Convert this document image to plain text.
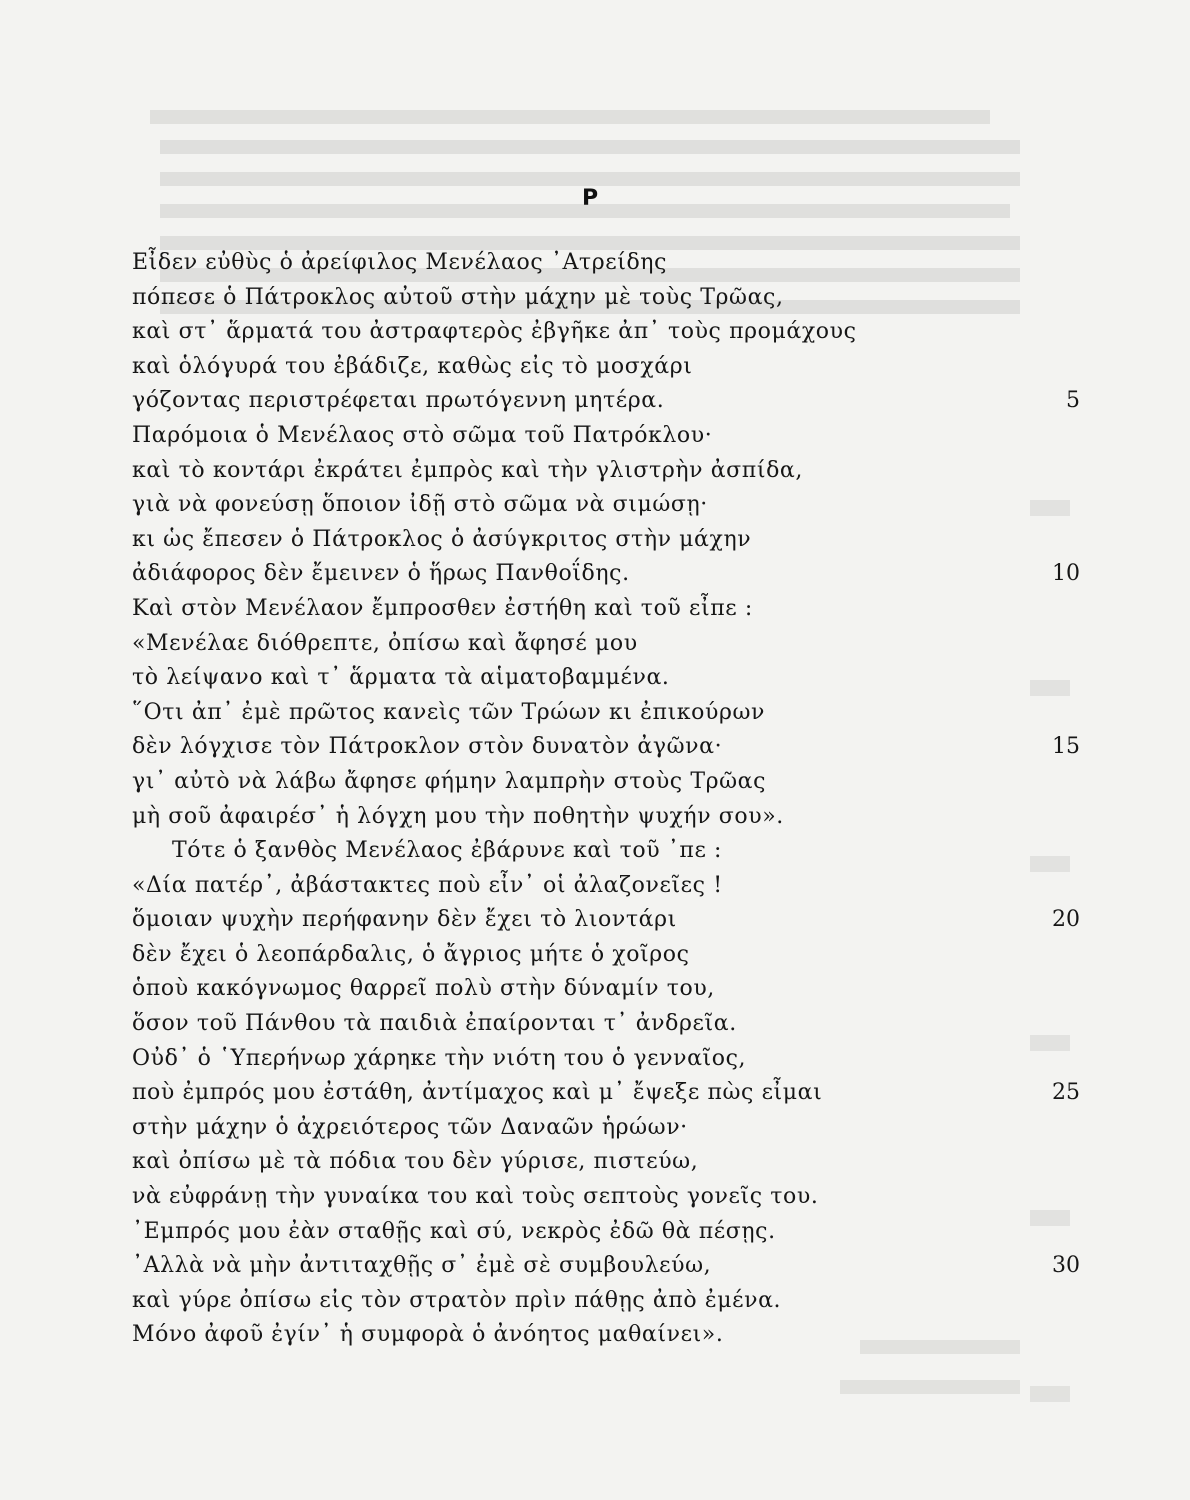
Ρ
Εἶδεν εὐθὺς ὁ ἀρείφιλος Μενέλαος ᾿Ατρείδης
πόπεσε ὁ Πάτροκλος αὐτοῦ στὴν μάχην μὲ τοὺς Τρῶας,
καὶ στ᾿ ἅρματά του ἀστραφτερὸς ἐβγῆκε ἀπ᾿ τοὺς προμάχους
καὶ ὁλόγυρά του ἐβάδιζε, καθὼς εἰς τὸ μοσχάρι
γόζοντας περιστρέφεται πρωτόγεννη μητέρα.	5
Παρόμοια ὁ Μενέλαος στὸ σῶμα τοῦ Πατρόκλου·
καὶ τὸ κοντάρι ἐκράτει ἐμπρὸς καὶ τὴν γλιστρὴν ἀσπίδα,
γιὰ νὰ φονεύσῃ ὅποιον ἰδῇ στὸ σῶμα νὰ σιμώσῃ·
κι ὡς ἔπεσεν ὁ Πάτροκλος ὁ ἀσύγκριτος στὴν μάχην
ἀδιάφορος δὲν ἔμεινεν ὁ ἥρως Πανθοΐδης.	10
Καὶ στὸν Μενέλαον ἔμπροσθεν ἐστήθη καὶ τοῦ εἶπε :
«Μενέλαε διόθρεπτε, ὀπίσω καὶ ἄφησέ μου
τὸ λείψανο καὶ τ᾿ ἅρματα τὰ αἱματοβαμμένα.
῞Οτι ἀπ᾿ ἐμὲ πρῶτος κανεὶς τῶν Τρώων κι ἐπικούρων
δὲν λόγχισε τὸν Πάτροκλον στὸν δυνατὸν ἀγῶνα·	15
γι᾿ αὐτὸ νὰ λάβω ἄφησε φήμην λαμπρὴν στοὺς Τρῶας
μὴ σοῦ ἀφαιρέσ᾿ ἡ λόγχη μου τὴν ποθητὴν ψυχήν σου».
Τότε ὁ ξανθὸς Μενέλαος ἐβάρυνε καὶ τοῦ ᾿πε :
«Δία πατέρ᾿, ἀβάστακτες ποὺ εἶν᾿ οἱ ἀλαζονεῖες !
ὅμοιαν ψυχὴν περήφανην δὲν ἔχει τὸ λιοντάρι	20
δὲν ἔχει ὁ λεοπάρδαλις, ὁ ἄγριος μήτε ὁ χοῖρος
ὁποὺ κακόγνωμος θαρρεῖ πολὺ στὴν δύναμίν του,
ὅσον τοῦ Πάνθου τὰ παιδιὰ ἐπαίρονται τ᾿ ἀνδρεῖα.
Οὐδ᾿ ὁ ῾Υπερήνωρ χάρηκε τὴν νιότη του ὁ γενναῖος,
ποὺ ἐμπρός μου ἐστάθη, ἀντίμαχος καὶ μ᾿ ἔψεξε πὼς εἶμαι	25
στὴν μάχην ὁ ἀχρειότερος τῶν Δαναῶν ἡρώων·
καὶ ὀπίσω μὲ τὰ πόδια του δὲν γύρισε, πιστεύω,
νὰ εὐφράνῃ τὴν γυναίκα του καὶ τοὺς σεπτοὺς γονεῖς του.
᾿Εμπρός μου ἐὰν σταθῇς καὶ σύ, νεκρὸς ἐδῶ θὰ πέσῃς.
᾿Αλλὰ νὰ μὴν ἀντιταχθῇς σ᾿ ἐμὲ σὲ συμβουλεύω,	30
καὶ γύρε ὀπίσω εἰς τὸν στρατὸν πρὶν πάθῃς ἀπὸ ἐμένα.
Μόνο ἀφοῦ ἐγίν᾿ ἡ συμφορὰ ὁ ἀνόητος μαθαίνει».
